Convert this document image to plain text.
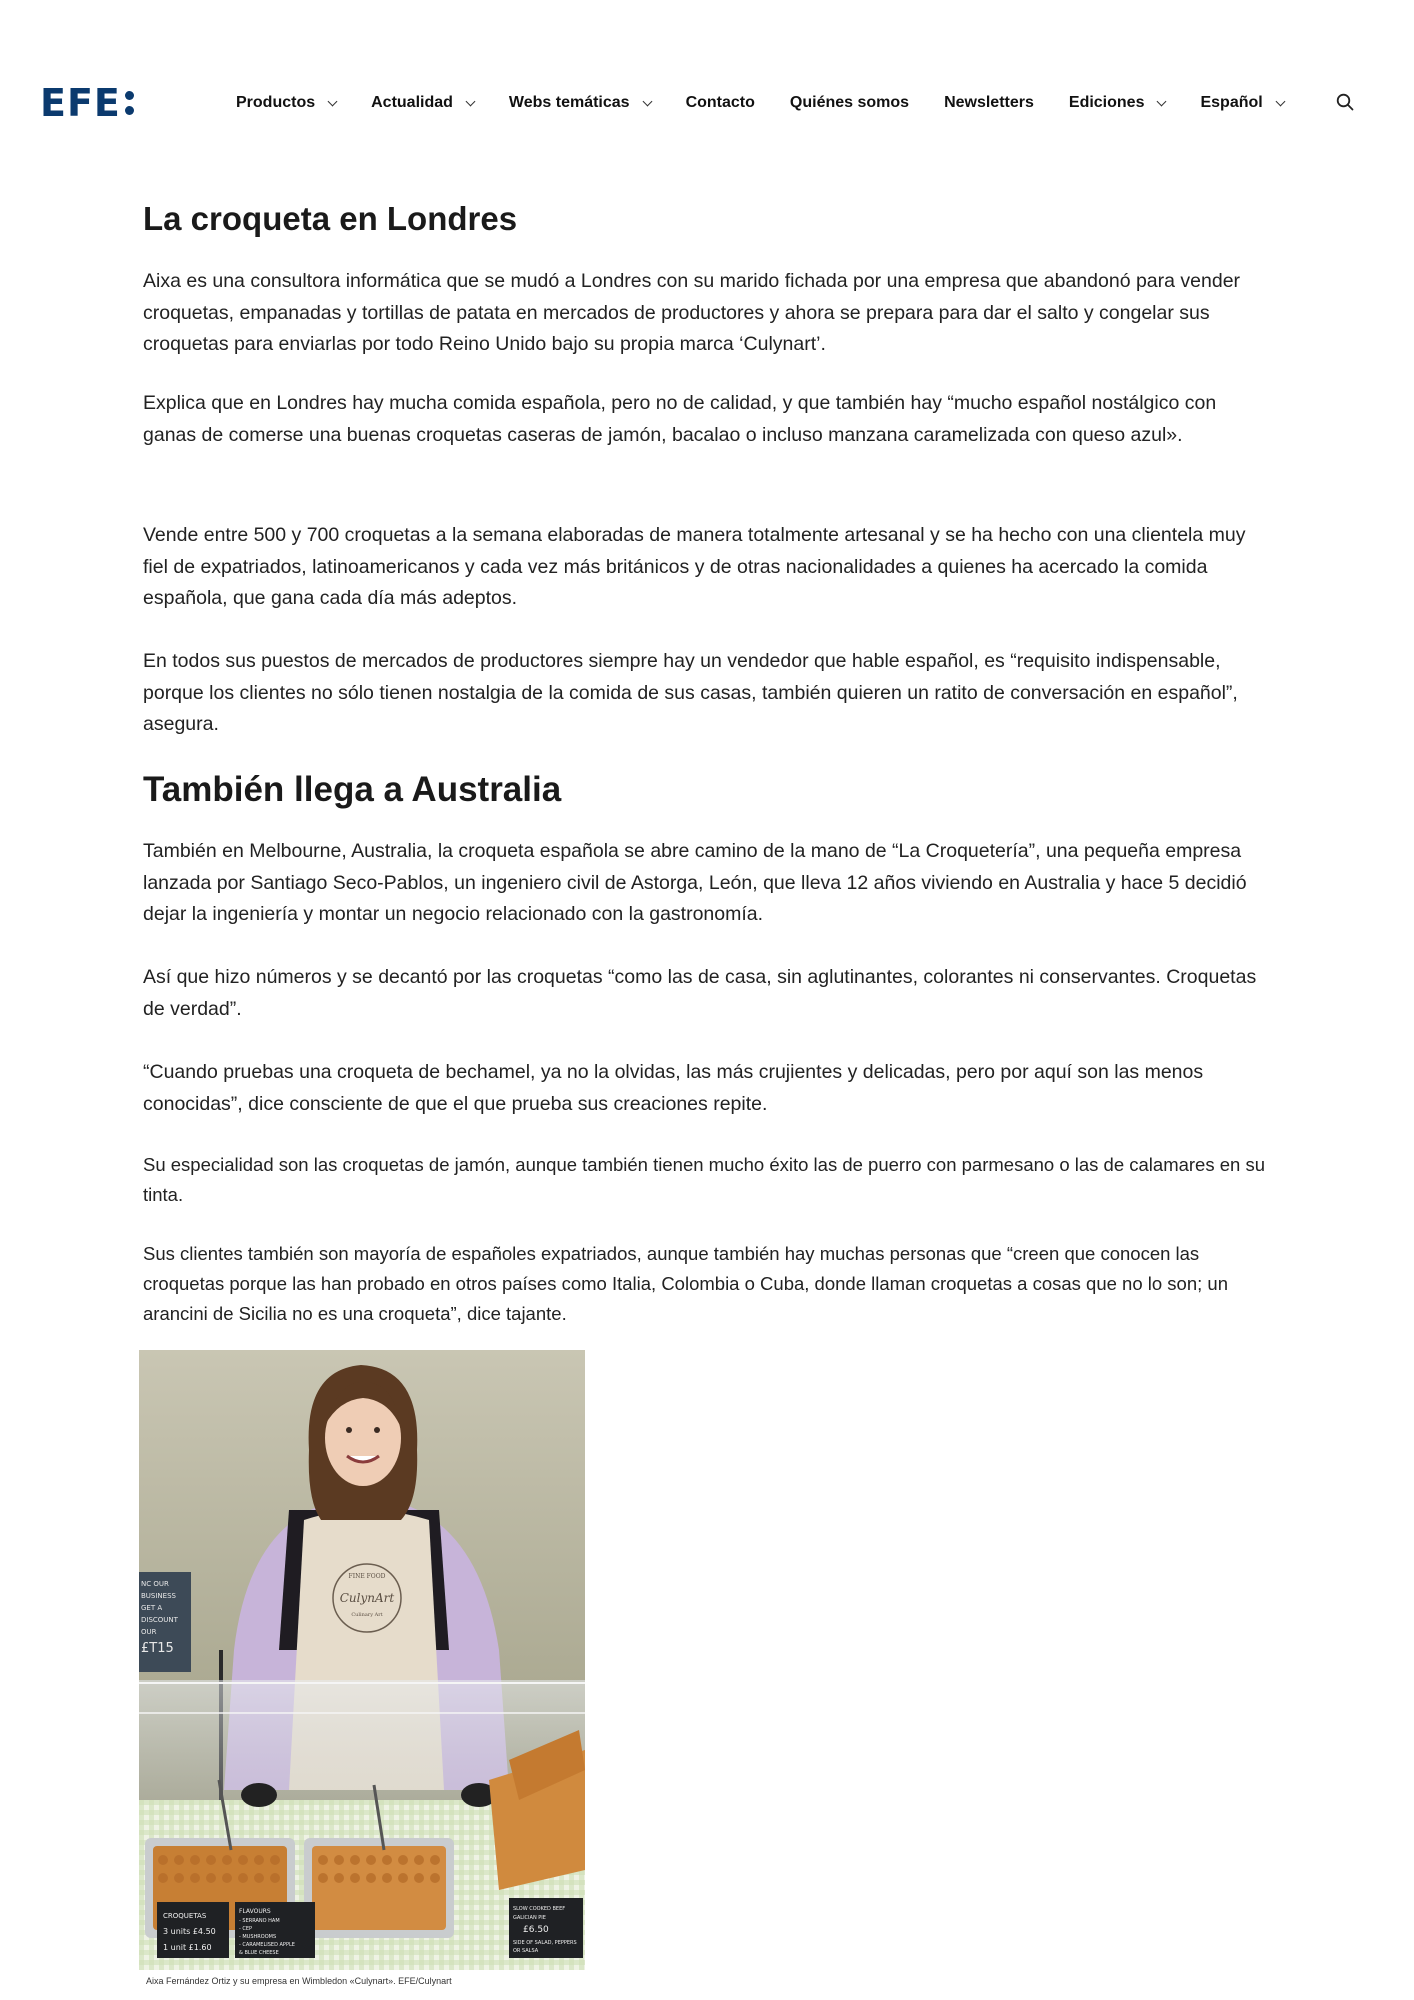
EFE	Productos	Actualidad	Webs temáticas	Contacto Quiénes somos Newsletters Ediciones	Español
La croqueta en Londres

Aixa es una consultora informática que se mudó a Londres con su marido fichada por una empresa que abandonó para vender croquetas, empanadas y tortillas de patata en mercados de productores y ahora se prepara para dar el salto y congelar sus croquetas para enviarlas por todo Reino Unido bajo su propia marca ‘Culynart’.

Explica que en Londres hay mucha comida española, pero no de calidad, y que también hay “mucho español nostálgico con ganas de comerse una buenas croquetas caseras de jamón, bacalao o incluso manzana caramelizada con queso azul».

Vende entre 500 y 700 croquetas a la semana elaboradas de manera totalmente artesanal y se ha hecho con una clientela muy fiel de expatriados, latinoamericanos y cada vez más británicos y de otras nacionalidades a quienes ha acercado la comida española, que gana cada día más adeptos.

En todos sus puestos de mercados de productores siempre hay un vendedor que hable español, es “requisito indispensable, porque los clientes no sólo tienen nostalgia de la comida de sus casas, también quieren un ratito de conversación en español”, asegura.

También llega a Australia

También en Melbourne, Australia, la croqueta española se abre camino de la mano de “La Croquetería”, una pequeña empresa lanzada por Santiago Seco-Pablos, un ingeniero civil de Astorga, León, que lleva 12 años viviendo en Australia y hace 5 decidió dejar la ingeniería y montar un negocio relacionado con la gastronomía.

Así que hizo números y se decantó por las croquetas “como las de casa, sin aglutinantes, colorantes ni conservantes. Croquetas de verdad”.

“Cuando pruebas una croqueta de bechamel, ya no la olvidas, las más crujientes y delicadas, pero por aquí son las menos conocidas”, dice consciente de que el que prueba sus creaciones repite.

Su especialidad son las croquetas de jamón, aunque también tienen mucho éxito las de puerro con parmesano o las de calamares en su tinta.

Sus clientes también son mayoría de españoles expatriados, aunque también hay muchas personas que “creen que conocen las croquetas porque las han probado en otros países como Italia, Colombia o Cuba, donde llaman croquetas a cosas que no lo son; un arancini de Sicilia no es una croqueta”, dice tajante.

NC OUR
BUSINESS
GET A
DISCOUNT
OUR
£T15
FINE FOOD
CulynArt
Culinary Art
CROQUETAS
3 units £4.50
1 unit £1.60
FLAVOURS
- SERRANO HAM
- CEP
- MUSHROOMS
- CARAMELISED APPLE
& BLUE CHEESE
SLOW COOKED BEEF
GALICIAN PIE
£6.50
SIDE OF SALAD, PEPPERS
OR SALSA
Aixa Fernández Ortiz y su empresa en Wimbledon «Culynart». EFE/Culynart
